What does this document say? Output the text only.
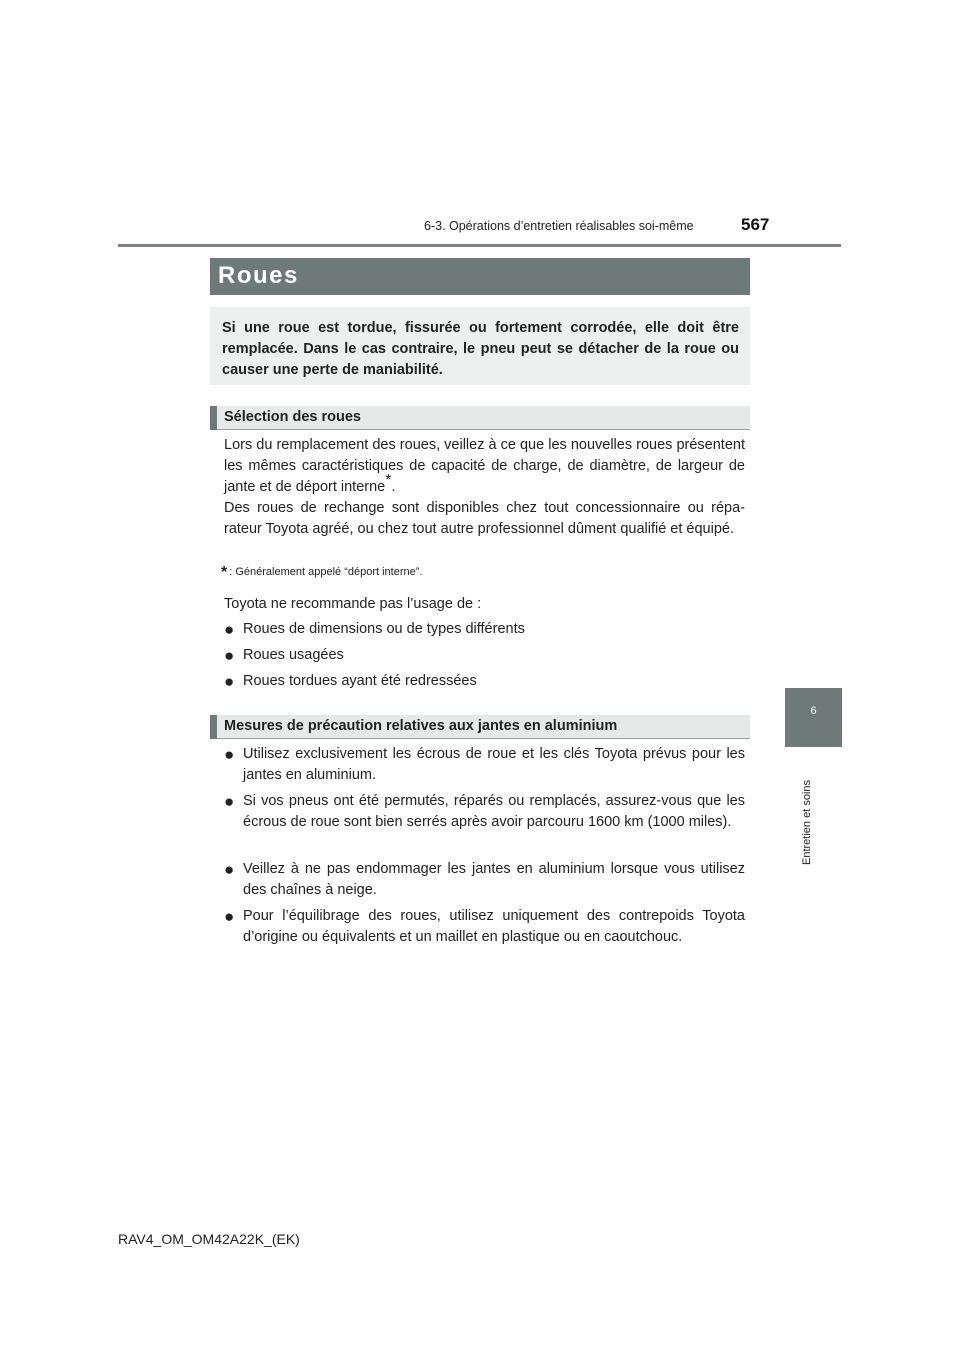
6-3. Opérations d’entretien réalisables soi-même	567
6
Entretien et soins
Roues
Si une roue est tordue, fissurée ou fortement corrodée, elle doit être remplacée. Dans le cas contraire, le pneu peut se détacher de la roue ou causer une perte de maniabilité.
Sélection des roues
Lors du remplacement des roues, veillez à ce que les nouvelles roues présentent les mêmes caractéristiques de capacité de charge, de diamètre, de largeur de jante et de déport interne*.
Des roues de rechange sont disponibles chez tout concessionnaire ou réparateur Toyota agréé, ou chez tout autre professionnel dûment qualifié et équipé.
* : Généralement appelé “déport interne”.
Toyota ne recommande pas l’usage de :
● Roues de dimensions ou de types différents
● Roues usagées
● Roues tordues ayant été redressées
Mesures de précaution relatives aux jantes en aluminium
● Utilisez exclusivement les écrous de roue et les clés Toyota prévus pour les jantes en aluminium.
● Si vos pneus ont été permutés, réparés ou remplacés, assurez-vous que les écrous de roue sont bien serrés après avoir parcouru 1600 km (1000 miles).
● Veillez à ne pas endommager les jantes en aluminium lorsque vous utilisez des chaînes à neige.
● Pour l’équilibrage des roues, utilisez uniquement des contrepoids Toyota d’origine ou équivalents et un maillet en plastique ou en caoutchouc.
RAV4_OM_OM42A22K_(EK)
